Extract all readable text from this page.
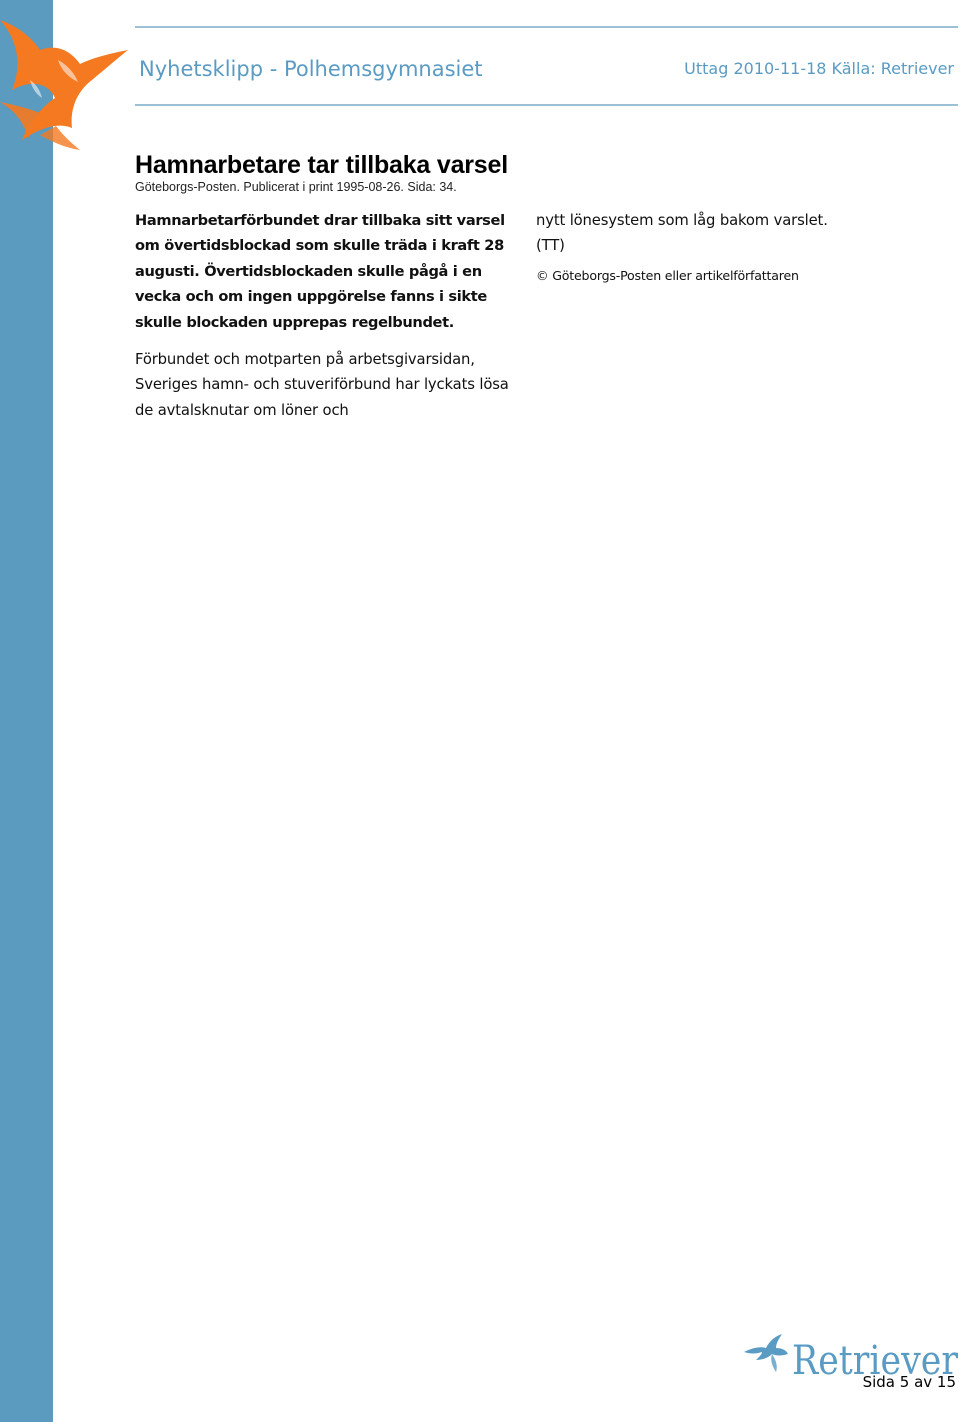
Nyhetsklipp - Polhemsgymnasiet	Uttag 2010-11-18 Källa: Retriever
Hamnarbetare tar tillbaka varsel
Göteborgs-Posten. Publicerat i print 1995-08-26. Sida: 34.

Hamnarbetarförbundet drar tillbaka sitt varsel om övertidsblockad som skulle träda i kraft 28 augusti. Övertidsblockaden skulle pågå i en vecka och om ingen uppgörelse fanns i sikte skulle blockaden upprepas regelbundet.

Förbundet och motparten på arbetsgivarsidan, Sveriges hamn- och stuveriförbund har lyckats lösa de avtalsknutar om löner och

nytt lönesystem som låg bakom varslet. (TT)

© Göteborgs-Posten eller artikelförfattaren

Retriever
Sida 5 av 15
